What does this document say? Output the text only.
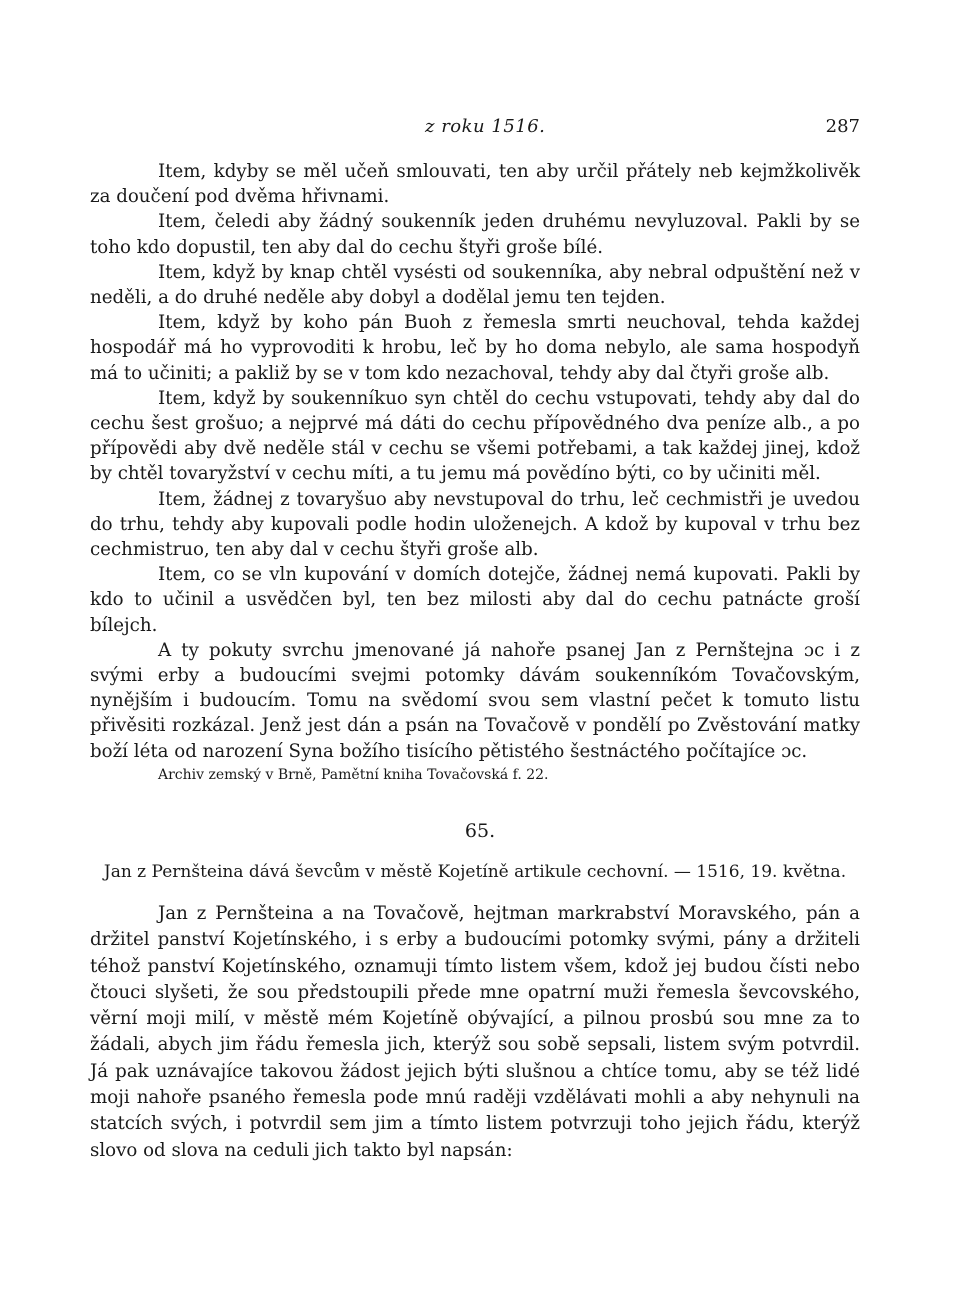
z roku 1516.	287

Item, kdyby se měl učeň smlouvati, ten aby určil přátely neb kejmžkolivěk za doučení pod dvěma hřivnami.

Item, čeledi aby žádný soukenník jeden druhému nevyluzoval. Pakli by se toho kdo dopustil, ten aby dal do cechu štyři groše bílé.

Item, když by knap chtěl vysésti od soukenníka, aby nebral odpuštění než v neděli, a do druhé neděle aby dobyl a dodělal jemu ten tejden.

Item, když by koho pán Buoh z řemesla smrti neuchoval, tehda každej hospodář má ho vyprovoditi k hrobu, leč by ho doma nebylo, ale sama hospodyň má to učiniti; a pakliž by se v tom kdo nezachoval, tehdy aby dal čtyři groše alb.

Item, když by soukenníkuo syn chtěl do cechu vstupovati, tehdy aby dal do cechu šest grošuo; a nejprvé má dáti do cechu přípovědného dva peníze alb., a po přípovědi aby dvě neděle stál v cechu se všemi potřebami, a tak každej jinej, kdož by chtěl tovaryžství v cechu míti, a tu jemu má povědíno býti, co by učiniti měl.

Item, žádnej z tovaryšuo aby nevstupoval do trhu, leč cechmistři je uvedou do trhu, tehdy aby kupovali podle hodin uloženejch. A kdož by kupoval v trhu bez cechmistruo, ten aby dal v cechu štyři groše alb.

Item, co se vln kupování v domích dotejče, žádnej nemá kupovati. Pakli by kdo to učinil a usvědčen byl, ten bez milosti aby dal do cechu patnácte groší bílejch.

A ty pokuty svrchu jmenované já nahoře psanej Jan z Pernštejna ɔc i z svými erby a budoucími svejmi potomky dávám soukenníkóm Tovačovským, nynějším i budoucím. Tomu na svědomí svou sem vlastní pečet k tomuto listu přivěsiti rozkázal. Jenž jest dán a psán na Tovačově v pondělí po Zvěstování matky boží léta od narození Syna božího tisícího pětistého šestnáctého počítajíce ɔc.

Archiv zemský v Brně, Pamětní kniha Tovačovská f. 22.

65.
Jan z Pernšteina dává ševcům v městě Kojetíně artikule cechovní. — 1516, 19. května.

Jan z Pernšteina a na Tovačově, hejtman markrabství Moravského, pán a držitel panství Kojetínského, i s erby a budoucími potomky svými, pány a držiteli téhož panství Kojetínského, oznamuji tímto listem všem, kdož jej budou čísti nebo čtouci slyšeti, že sou předstoupili přede mne opatrní muži řemesla ševcovského, věrní moji milí, v městě mém Kojetíně obývající, a pilnou prosbú sou mne za to žádali, abych jim řádu řemesla jich, kterýž sou sobě sepsali, listem svým potvrdil. Já pak uznávajíce takovou žádost jejich býti slušnou a chtíce tomu, aby se též lidé moji nahoře psaného řemesla pode mnú raději vzdělávati mohli a aby nehynuli na statcích svých, i potvrdil sem jim a tímto listem potvrzuji toho jejich řádu, kterýž slovo od slova na ceduli jich takto byl napsán:
